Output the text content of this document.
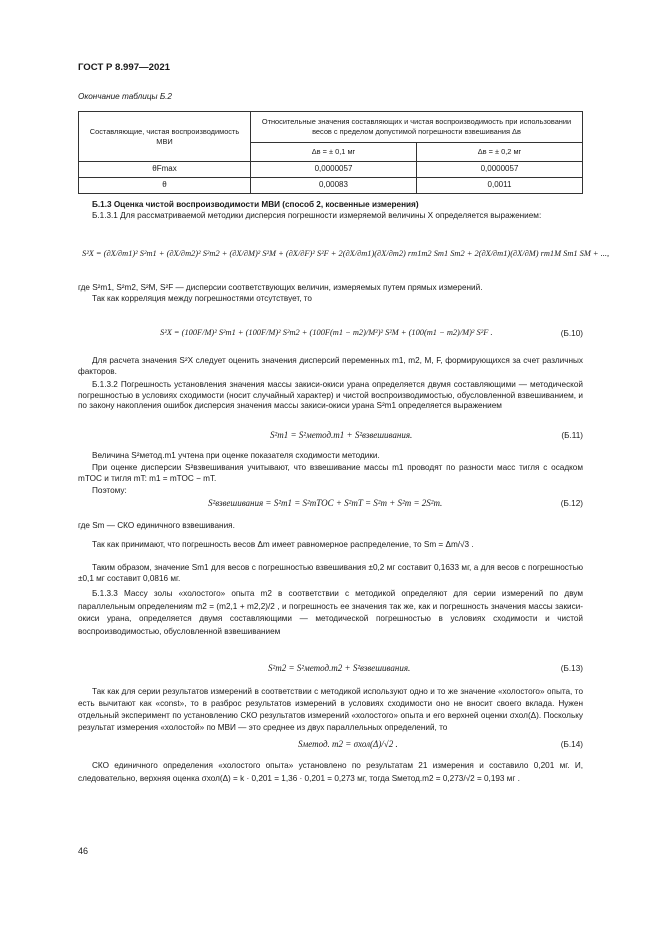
ГОСТ Р 8.997—2021
Окончание таблицы Б.2
Составляющие, чистая воспроизводимость МВИ	Относительные значения составляющих и чистая воспроизводимость при использовании весов с пределом допустимой погрешности взвешивания Δв	
	Δв = ± 0,1 мг	Δв = ± 0,2 мг
θFmax	0,0000057	0,0000057
θ	0,00083	0,0011
Б.1.3 Оценка чистой воспроизводимости МВИ (способ 2, косвенные измерения)
Б.1.3.1 Для рассматриваемой методики дисперсия погрешности измеряемой величины X определяется выражением:
S²X = (∂X/∂m1)² S²m1 + (∂X/∂m2)² S²m2 + (∂X/∂M)² S²M + (∂X/∂F)² S²F + 2(∂X/∂m1)(∂X/∂m2) rm1m2 Sm1 Sm2 + 2(∂X/∂m1)(∂X/∂M) rm1M Sm1 SM + ...,
где S²m1, S²m2, S²M, S²F — дисперсии соответствующих величин, измеряемых путем прямых измерений.
Так как корреляция между погрешностями отсутствует, то
S²X = (100F/M)² S²m1 + (100F/M)² S²m2 + (100F(m1 − m2)/M²)² S²M + (100(m1 − m2)/M)² S²F .	(Б.10)
Для расчета значения S²X следует оценить значения дисперсий переменных m1, m2, M, F, формирующихся за счет различных факторов.
Б.1.3.2 Погрешность установления значения массы закиси-окиси урана определяется двумя составляющими — методической погрешностью в условиях сходимости (носит случайный характер) и чистой воспроизводимостью, обусловленной взвешиванием, и по закону накопления ошибок дисперсия значения массы закиси-окиси урана S²m1 определяется выражением
S²m1 = S²метод.m1 + S²взвешивания.	(Б.11)
Величина S²метод.m1 учтена при оценке показателя сходимости методики.
При оценке дисперсии S²взвешивания учитывают, что взвешивание массы m1 проводят по разности масс тигля с осадком mTOC и тигля mT: m1 = mTOC − mT.
Поэтому:
S²взвешивания = S²m1 = S²mTOC + S²mT = S²m + S²m = 2S²m.	(Б.12)
где Sm — СКО единичного взвешивания.
Так как принимают, что погрешность весов Δm имеет равномерное распределение, то Sm = Δm/√3 .
Таким образом, значение Sm1 для весов с погрешностью взвешивания ±0,2 мг составит 0,1633 мг, а для весов с погрешностью ±0,1 мг составит 0,0816 мг.
Б.1.3.3 Массу золы «холостого» опыта m2 в соответствии с методикой определяют для серии измерений по двум параллельным определениям m2 = (m2,1 + m2,2)/2 , и погрешность ее значения так же, как и погрешность значения массы закиси-окиси урана, определяется двумя составляющими — методической погрешностью в условиях сходимости и чистой воспроизводимостью, обусловленной взвешиванием
S²m2 = S²метод.m2 + S²взвешивания.	(Б.13)
Так как для серии результатов измерений в соответствии с методикой используют одно и то же значение «холостого» опыта, то есть вычитают как «const», то в разброс результатов измерений в условиях сходимости оно не вносит своего вклада. Нужен отдельный эксперимент по установлению СКО результатов измерений «холостого» опыта и его верхней оценки σхол(Δ). Поскольку результат измерения «холостой» по МВИ — это среднее из двух параллельных определений, то
Sметод. m2 = σхол(Δ)/√2 .	(Б.14)
СКО единичного определения «холостого опыта» установлено по результатам 21 измерения и составило 0,201 мг. И, следовательно, верхняя оценка σхол(Δ) = k · 0,201 = 1,36 · 0,201 = 0,273 мг, тогда Sметод.m2 = 0,273/√2 = 0,193 мг .
46
